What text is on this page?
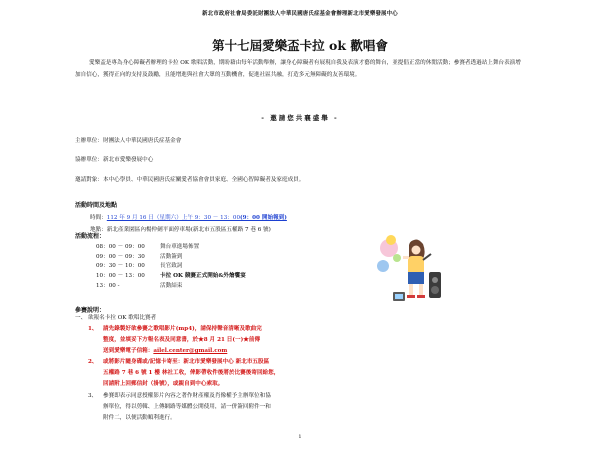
新北市政府社會局委託財團法人中華民國唐氏症基金會辦理新北市愛樂發展中心
第十七屆愛樂盃卡拉 ok 歡唱會
愛樂盃是專為身心障礙者辦理的卡拉 OK 歌唱活動，期盼藉由每年活動舉辦，讓身心障礙者有展現自我及表演才藝的舞台，並提倡正當的休閒活動；參賽者透過站上舞台表演增加自信心，獲得正向的支持及鼓勵，且能增進與社會大眾的互動機會，促進社區共融，打造多元無障礙的友善環境。
- 邀請您共襄盛舉 -
主辦單位：財團法人中華民國唐氏症基金會
協辦單位：新北市愛樂發展中心
邀請對象： 本中心學員、中華民國唐氏症關愛者協會會員家庭、全國心智障礙者及家庭成員。
活動時間及地點
時間：112 年 9 月 16 日（星期六）上午 9：30 － 13：00(9：00 開始報到)
地點：新北產業園區內楊仲劍平面停車場(新北市五股區五權路 7 巷 6 號)
活動流程：
08：00 － 09：00	舞台車進場佈置
09：00 － 09：30	活動簽到
09：30 － 10：00	長官致詞
10：00 － 13：00	卡拉 OK 競賽正式開始&外燴饗宴
13：00 -	活動結束
參賽說明：
一、 欲報名卡拉 OK 歌唱比賽者
1、 請先錄製好欲參賽之歌唱影片(mp4)，請保持聲音清晰及歌曲完
整度，並填妥下方報名表及同意書，於★8 月 21 日(一)★前傳
送到愛樂電子信箱：ailel.center@gmail.com
2、 或將影片隨身碟或/記憶卡寄至：新北市愛樂發展中心 新北市五股區
五權路 7 巷 6 號 1 樓 林社工收，俾影帶收件後將於比賽後寄回給您，
回請附上回郵信封（掛號），或親自到中心索取。
3、 參賽即表示同意授權影片內容之著作財產權及肖像權予主辦單位和協
辦單位，得以剪輯、上傳網路等媒體公開使用，請一併簽回附件一和
附件二，以便活動順利進行。
1
